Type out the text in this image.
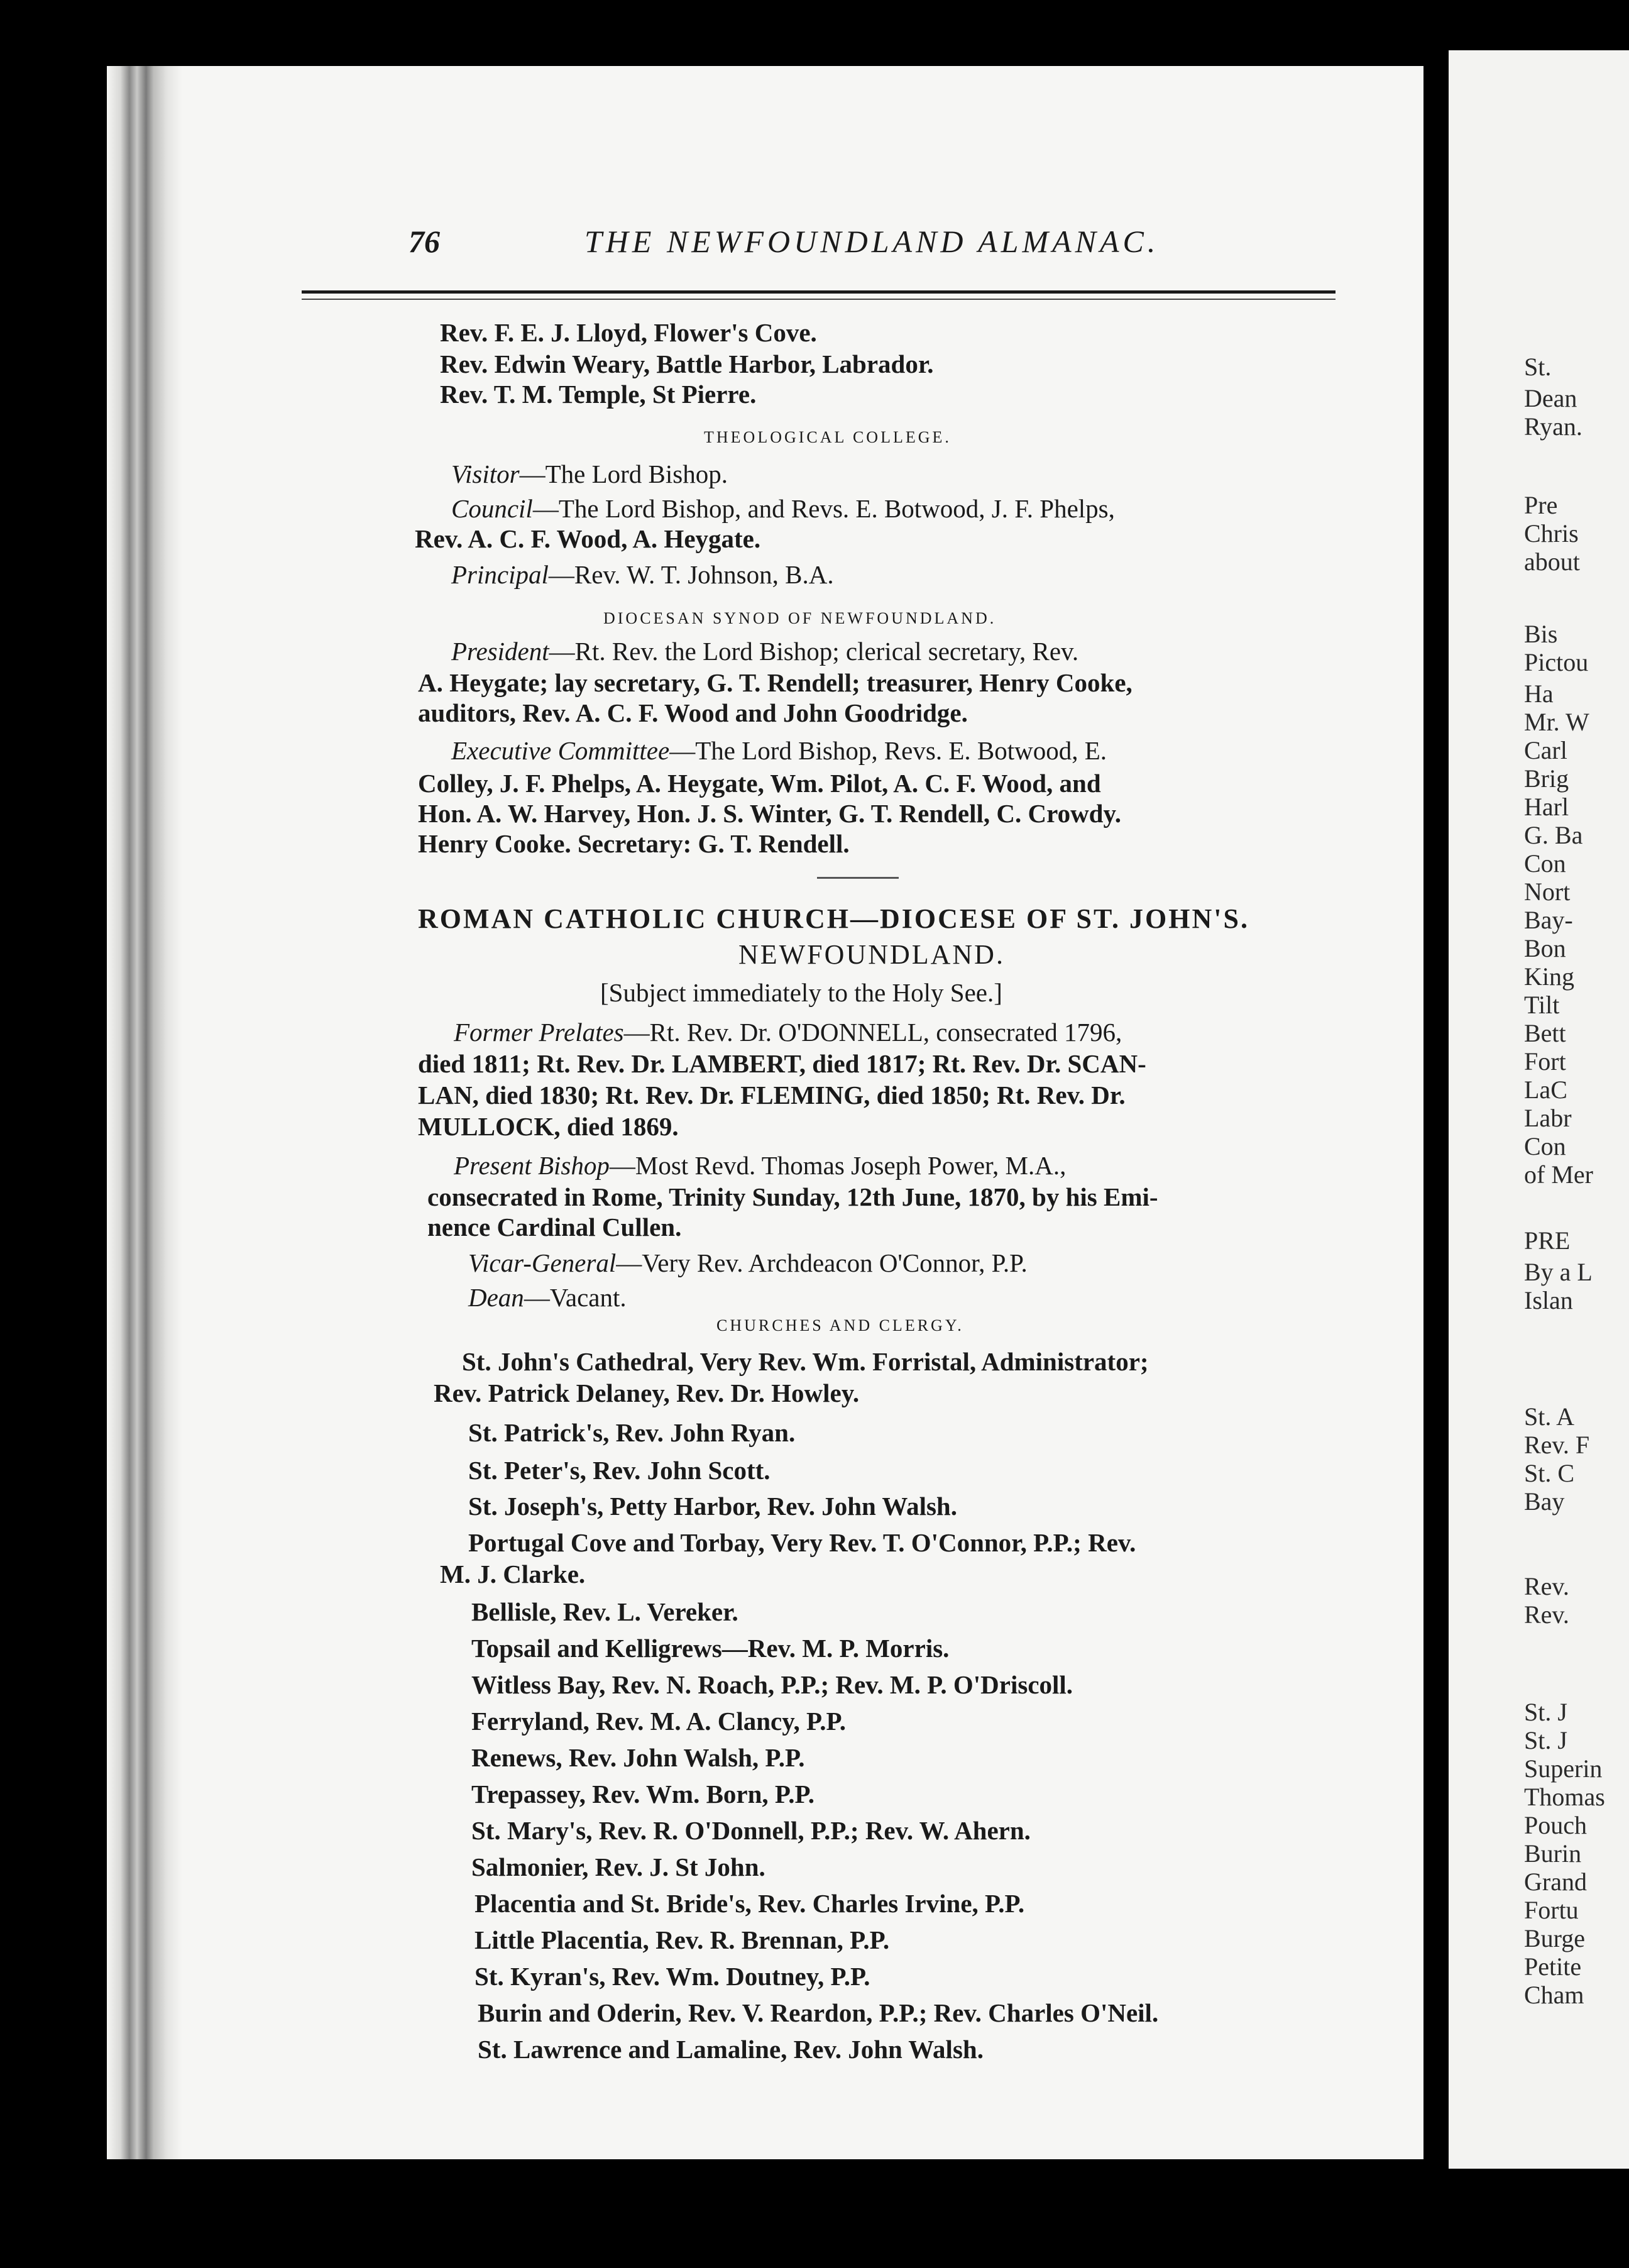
St.
Dean
Ryan.
Pre
Chris
about
Bis
Pictou
Ha
Mr. W
Carl
Brig
Harl
G. Ba
Con
Nort
Bay-
Bon
King
Tilt
Bett
Fort
LaC
Labr
Con
of Mer
PRE
By a L
Islan
St. A
Rev. F
St. C
Bay
Rev.
Rev.
St. J
St. J
Superin
Thomas
Pouch
Burin
Grand
Fortu
Burge
Petite
Cham
76	THE NEWFOUNDLAND ALMANAC.
Rev. F. E. J. Lloyd, Flower's Cove.
Rev. Edwin Weary, Battle Harbor, Labrador.
Rev. T. M. Temple, St Pierre.
THEOLOGICAL COLLEGE.
Visitor—The Lord Bishop.
Council—The Lord Bishop, and Revs. E. Botwood, J. F. Phelps,
Rev. A. C. F. Wood, A. Heygate.
Principal—Rev. W. T. Johnson, B.A.
DIOCESAN SYNOD OF NEWFOUNDLAND.
President—Rt. Rev. the Lord Bishop; clerical secretary, Rev.
A. Heygate; lay secretary, G. T. Rendell; treasurer, Henry Cooke,
auditors, Rev. A. C. F. Wood and John Goodridge.
Executive Committee—The Lord Bishop, Revs. E. Botwood, E.
Colley, J. F. Phelps, A. Heygate, Wm. Pilot, A. C. F. Wood, and
Hon. A. W. Harvey, Hon. J. S. Winter, G. T. Rendell, C. Crowdy.
Henry Cooke. Secretary: G. T. Rendell.
ROMAN CATHOLIC CHURCH—DIOCESE OF ST. JOHN'S.
NEWFOUNDLAND.
[Subject immediately to the Holy See.]
Former Prelates—Rt. Rev. Dr. O'DONNELL, consecrated 1796,
died 1811; Rt. Rev. Dr. LAMBERT, died 1817; Rt. Rev. Dr. SCAN-
LAN, died 1830; Rt. Rev. Dr. FLEMING, died 1850; Rt. Rev. Dr.
MULLOCK, died 1869.
Present Bishop—Most Revd. Thomas Joseph Power, M.A.,
consecrated in Rome, Trinity Sunday, 12th June, 1870, by his Emi-
nence Cardinal Cullen.
Vicar-General—Very Rev. Archdeacon O'Connor, P.P.
Dean—Vacant.
CHURCHES AND CLERGY.
St. John's Cathedral, Very Rev. Wm. Forristal, Administrator;
Rev. Patrick Delaney, Rev. Dr. Howley.
St. Patrick's, Rev. John Ryan.
St. Peter's, Rev. John Scott.
St. Joseph's, Petty Harbor, Rev. John Walsh.
Portugal Cove and Torbay, Very Rev. T. O'Connor, P.P.; Rev.
M. J. Clarke.
Bellisle, Rev. L. Vereker.
Topsail and Kelligrews—Rev. M. P. Morris.
Witless Bay, Rev. N. Roach, P.P.; Rev. M. P. O'Driscoll.
Ferryland, Rev. M. A. Clancy, P.P.
Renews, Rev. John Walsh, P.P.
Trepassey, Rev. Wm. Born, P.P.
St. Mary's, Rev. R. O'Donnell, P.P.; Rev. W. Ahern.
Salmonier, Rev. J. St John.
Placentia and St. Bride's, Rev. Charles Irvine, P.P.
Little Placentia, Rev. R. Brennan, P.P.
St. Kyran's, Rev. Wm. Doutney, P.P.
Burin and Oderin, Rev. V. Reardon, P.P.; Rev. Charles O'Neil.
St. Lawrence and Lamaline, Rev. John Walsh.
